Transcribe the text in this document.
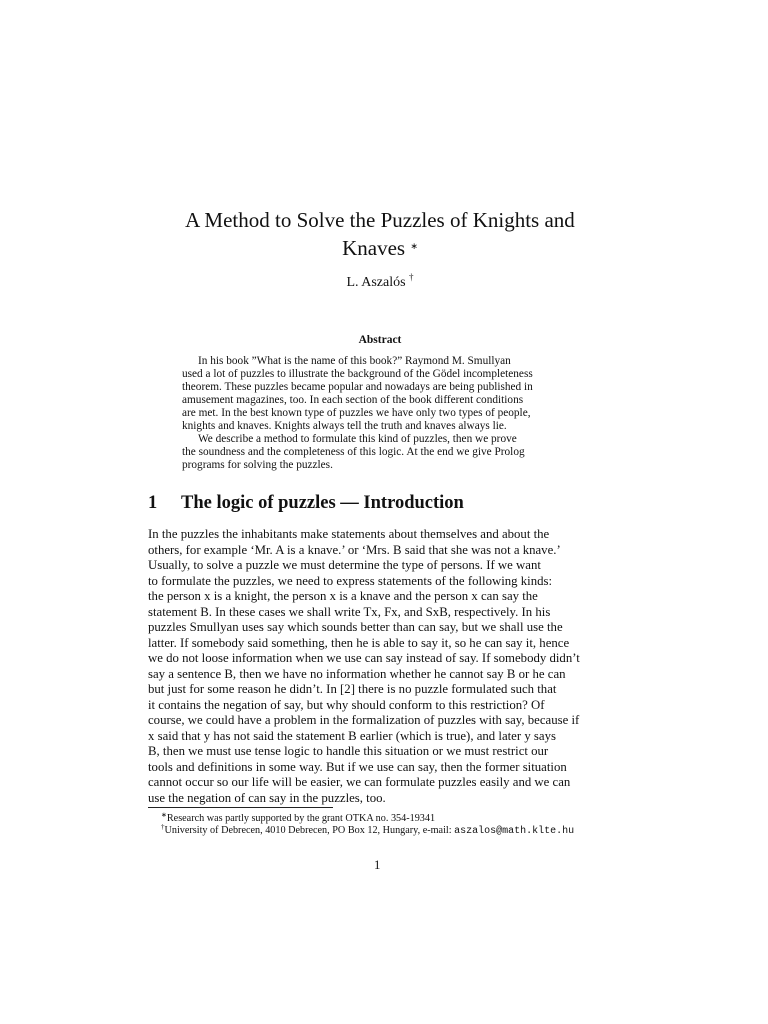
A Method to Solve the Puzzles of Knights and
Knaves ∗
L. Aszalós †
Abstract
In his book ”What is the name of this book?” Raymond M. Smullyan
used a lot of puzzles to illustrate the background of the Gödel incompleteness
theorem. These puzzles became popular and nowadays are being published in
amusement magazines, too. In each section of the book different conditions
are met. In the best known type of puzzles we have only two types of people,
knights and knaves. Knights always tell the truth and knaves always lie.
We describe a method to formulate this kind of puzzles, then we prove
the soundness and the completeness of this logic. At the end we give Prolog
programs for solving the puzzles.
1 The logic of puzzles — Introduction
In the puzzles the inhabitants make statements about themselves and about the
others, for example ‘Mr. A is a knave.’ or ‘Mrs. B said that she was not a knave.’
Usually, to solve a puzzle we must determine the type of persons. If we want
to formulate the puzzles, we need to express statements of the following kinds:
the person x is a knight, the person x is a knave and the person x can say the
statement B. In these cases we shall write Tx, Fx, and SxB, respectively. In his
puzzles Smullyan uses say which sounds better than can say, but we shall use the
latter. If somebody said something, then he is able to say it, so he can say it, hence
we do not loose information when we use can say instead of say. If somebody didn’t
say a sentence B, then we have no information whether he cannot say B or he can
but just for some reason he didn’t. In [2] there is no puzzle formulated such that
it contains the negation of say, but why should conform to this restriction? Of
course, we could have a problem in the formalization of puzzles with say, because if
x said that y has not said the statement B earlier (which is true), and later y says
B, then we must use tense logic to handle this situation or we must restrict our
tools and definitions in some way. But if we use can say, then the former situation
cannot occur so our life will be easier, we can formulate puzzles easily and we can
use the negation of can say in the puzzles, too.
∗Research was partly supported by the grant OTKA no. 354-19341
†University of Debrecen, 4010 Debrecen, PO Box 12, Hungary, e-mail: aszalos@math.klte.hu
1
